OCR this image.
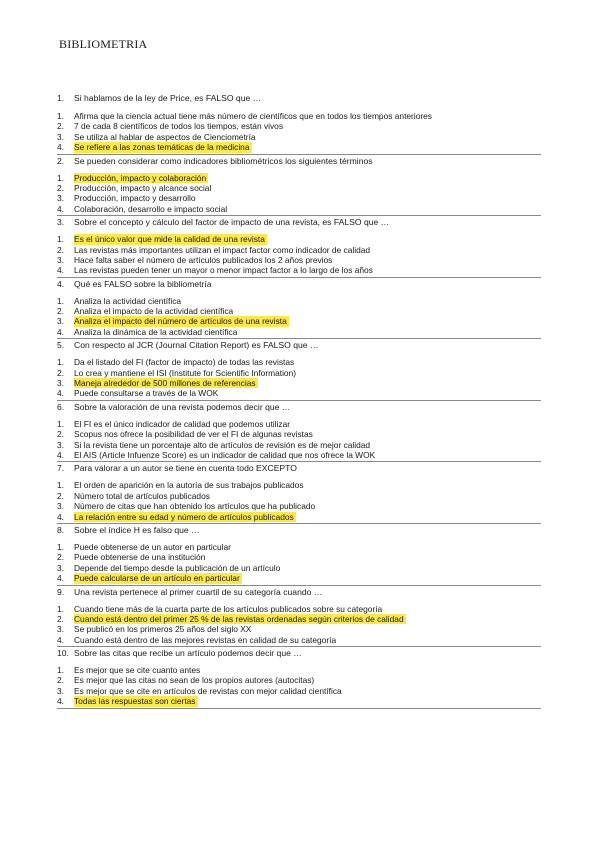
BIBLIOMETRIA
1.	Si hablamos de la ley de Price, es FALSO que …
1.	Afirma que la ciencia actual tiene más número de científicos que en todos los tiempos anteriores
2.	7 de cada 8 científicos de todos los tiempos, están vivos
3.	Se utiliza al hablar de aspectos de Cienciometría
4.	Se refiere a las zonas temáticas de la medicina
2.	Se pueden considerar como indicadores bibliométricos los siguientes términos
1.	Producción, impacto y colaboración
2.	Producción, impacto y alcance social
3.	Producción, impacto y desarrollo
4.	Colaboración, desarrollo e impacto social
3.	Sobre el concepto y cálculo del factor de impacto de una revista, es FALSO que …
1.	Es el único valor que mide la calidad de una revista
2.	Las revistas más importantes utilizan el impact factor como indicador de calidad
3.	Hace falta saber el número de artículos publicados los 2 años previos
4.	Las revistas pueden tener un mayor o menor impact factor a lo largo de los años
4.	Qué es FALSO sobre la bibliometría
1.	Analiza la actividad científica
2.	Analiza el impacto de la actividad científica
3.	Analiza el impacto del número de artículos de una revista
4.	Analiza la dinámica de la actividad científica
5.	Con respecto al JCR (Journal Citation Report) es FALSO que …
1.	Da el listado del FI (factor de impacto) de todas las revistas
2.	Lo crea y mantiene el ISI (Institute for Scientific Information)
3.	Maneja alrededor de 500 millones de referencias
4.	Puede consultarse a través de la WOK
6.	Sobre la valoración de una revista podemos decir que …
1.	El FI es el único indicador de calidad que podemos utilizar
2.	Scopus nos ofrece la posibilidad de ver el FI de algunas revistas
3.	Si la revista tiene un porcentaje alto de artículos de revisión es de mejor calidad
4.	El AIS (Article Infuenze Score) es un indicador de calidad que nos ofrece la WOK
7.	Para valorar a un autor se tiene en cuenta todo EXCEPTO
1.	El orden de aparición en la autoría de sus trabajos publicados
2.	Número total de artículos publicados
3.	Número de citas que han obtenido los artículos que ha publicado
4.	La relación entre su edad y número de artículos publicados
8.	Sobre el índice H es falso que …
1.	Puede obtenerse de un autor en particular
2.	Puede obtenerse de una institución
3.	Depende del tiempo desde la publicación de un artículo
4.	Puede calcularse de un artículo en particular
9.	Una revista pertenece al primer cuartil de su categoría cuando …
1.	Cuando tiene más de la cuarta parte de los artículos publicados sobre su categoría
2.	Cuando está dentro del primer 25 % de las revistas ordenadas según criterios de calidad
3.	Se publicó en los primeros 25 años del siglo XX
4.	Cuando está dentro de las mejores revistas en calidad de su categoría
10. Sobre las citas que recibe un artículo podemos decir que …
1.	Es mejor que se cite cuanto antes
2.	Es mejor que las citas no sean de los propios autores (autocitas)
3.	Es mejor que se cite en artículos de revistas con mejor calidad científica
4.	Todas las respuestas son ciertas
